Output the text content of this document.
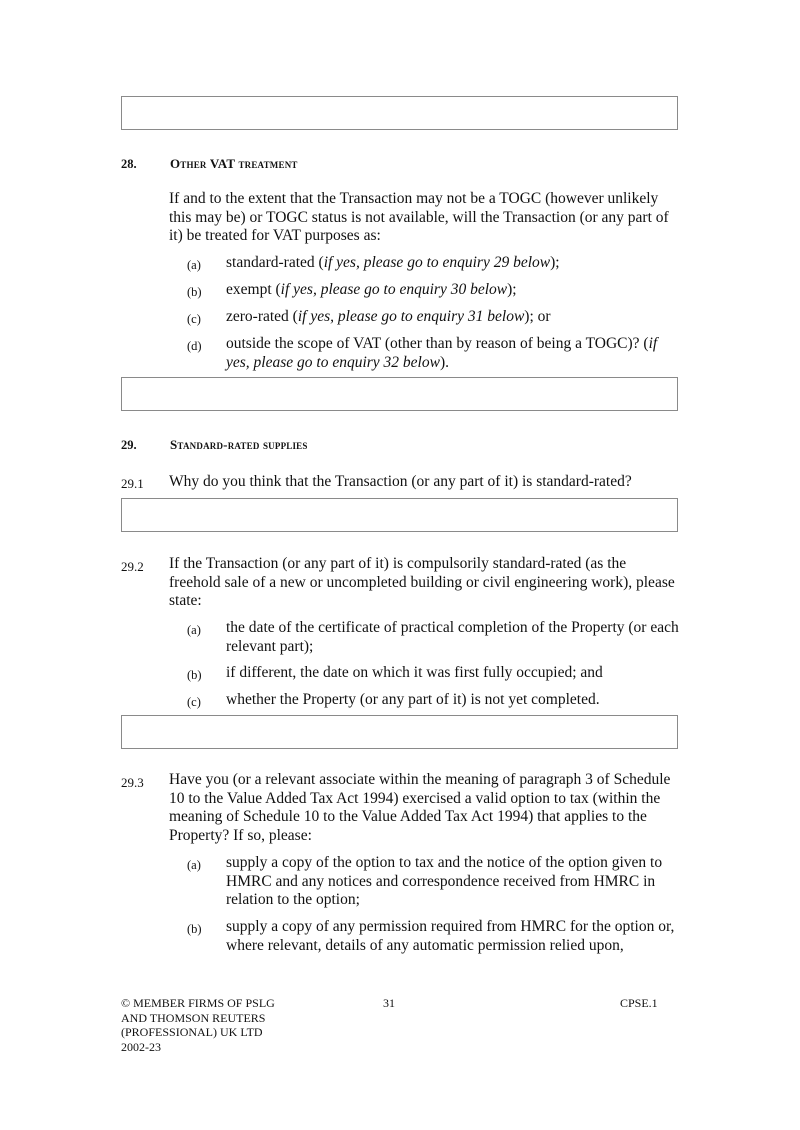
28.	Other VAT treatment
If and to the extent that the Transaction may not be a TOGC (however unlikely this may be) or TOGC status is not available, will the Transaction (or any part of it) be treated for VAT purposes as:
(a) standard-rated (if yes, please go to enquiry 29 below);
(b) exempt (if yes, please go to enquiry 30 below);
(c) zero-rated (if yes, please go to enquiry 31 below); or
(d) outside the scope of VAT (other than by reason of being a TOGC)? (if yes, please go to enquiry 32 below).
29.	Standard-rated supplies
29.1 Why do you think that the Transaction (or any part of it) is standard-rated?
29.2 If the Transaction (or any part of it) is compulsorily standard-rated (as the freehold sale of a new or uncompleted building or civil engineering work), please state:
(a) the date of the certificate of practical completion of the Property (or each relevant part);
(b) if different, the date on which it was first fully occupied; and
(c) whether the Property (or any part of it) is not yet completed.
29.3 Have you (or a relevant associate within the meaning of paragraph 3 of Schedule 10 to the Value Added Tax Act 1994) exercised a valid option to tax (within the meaning of Schedule 10 to the Value Added Tax Act 1994) that applies to the Property? If so, please:
(a) supply a copy of the option to tax and the notice of the option given to HMRC and any notices and correspondence received from HMRC in relation to the option;
(b) supply a copy of any permission required from HMRC for the option or, where relevant, details of any automatic permission relied upon,
© MEMBER FIRMS OF PSLG
AND THOMSON REUTERS
(PROFESSIONAL) UK LTD
2002-23
31	CPSE.1
